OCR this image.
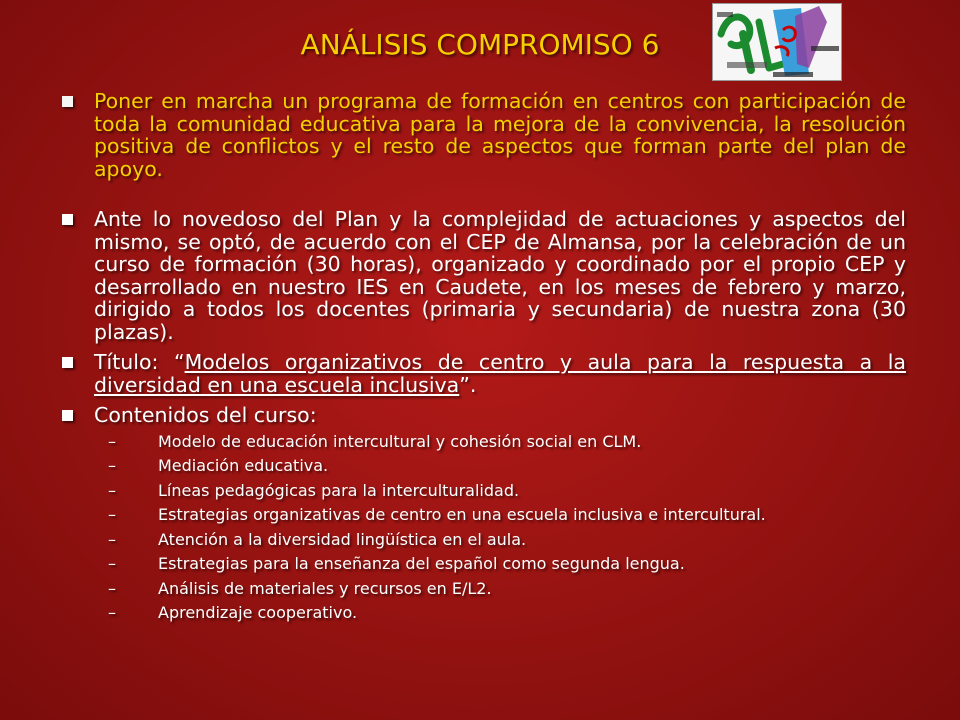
ANÁLISIS COMPROMISO 6
Poner en marcha un programa de formación en centros con participación de toda la comunidad educativa para la mejora de la convivencia, la resolución positiva de conflictos y el resto de aspectos que forman parte del plan de apoyo.
Ante lo novedoso del Plan y la complejidad de actuaciones y aspectos del mismo, se optó, de acuerdo con el CEP de Almansa, por la celebración de un curso de formación (30 horas), organizado y coordinado por el propio CEP y desarrollado en nuestro IES en Caudete, en los meses de febrero y marzo, dirigido a todos los docentes (primaria y secundaria) de nuestra zona (30 plazas).
Título: “Modelos organizativos de centro y aula para la respuesta a la diversidad en una escuela inclusiva”.
Contenidos del curso:
–	Modelo de educación intercultural y cohesión social en CLM.
–	Mediación educativa.
–	Líneas pedagógicas para la interculturalidad.
–	Estrategias organizativas de centro en una escuela inclusiva e intercultural.
–	Atención a la diversidad lingüística en el aula.
–	Estrategias para la enseñanza del español como segunda lengua.
–	Análisis de materiales y recursos en E/L2.
–	Aprendizaje cooperativo.
